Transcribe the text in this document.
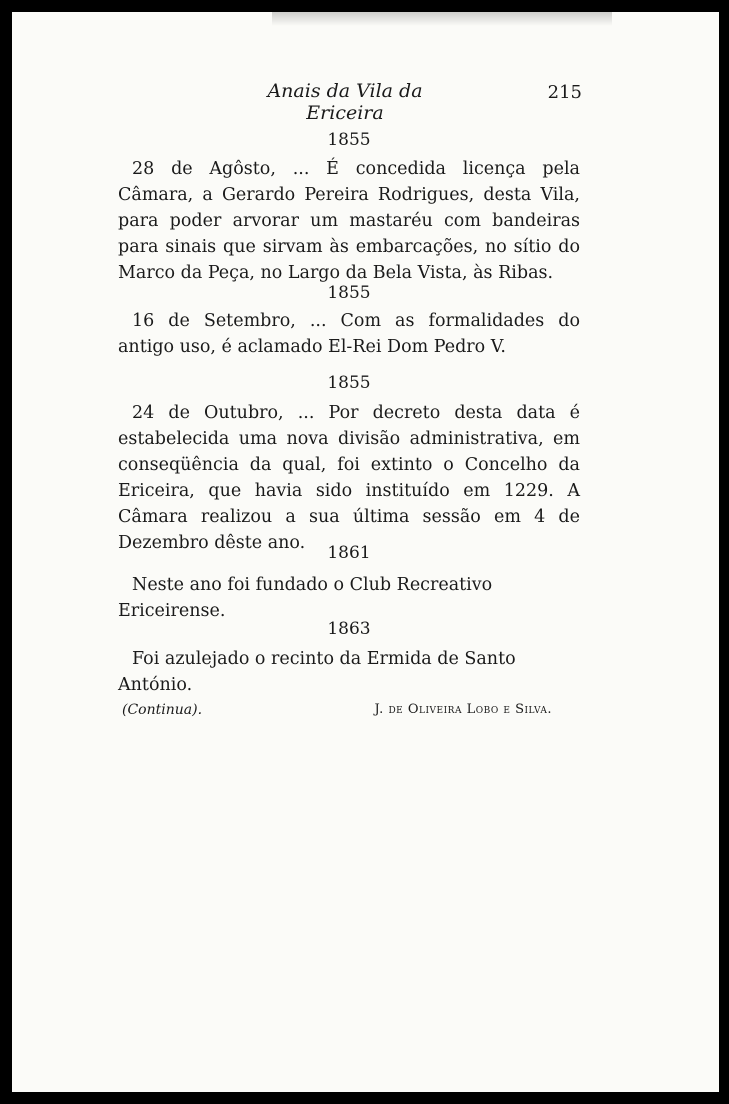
Anais da Vila da Ericeira
215
1855
28 de Agôsto, ... É concedida licença pela Câmara, a Gerardo Pereira Rodrigues, desta Vila, para poder arvorar um mastaréu com bandeiras para sinais que sirvam às embarcações, no sítio do Marco da Peça, no Largo da Bela Vista, às Ribas.
1855
16 de Setembro, ... Com as formalidades do antigo uso, é aclamado El-Rei Dom Pedro V.
1855
24 de Outubro, ... Por decreto desta data é estabelecida uma nova divisão administrativa, em conseqüência da qual, foi extinto o Concelho da Ericeira, que havia sido instituído em 1229. A Câmara realizou a sua última sessão em 4 de Dezembro dêste ano.	1861
Neste ano foi fundado o Club Recreativo Ericeirense.
1863
Foi azulejado o recinto da Ermida de Santo António.
(Continua).	J. de Oliveira Lobo e Silva.
